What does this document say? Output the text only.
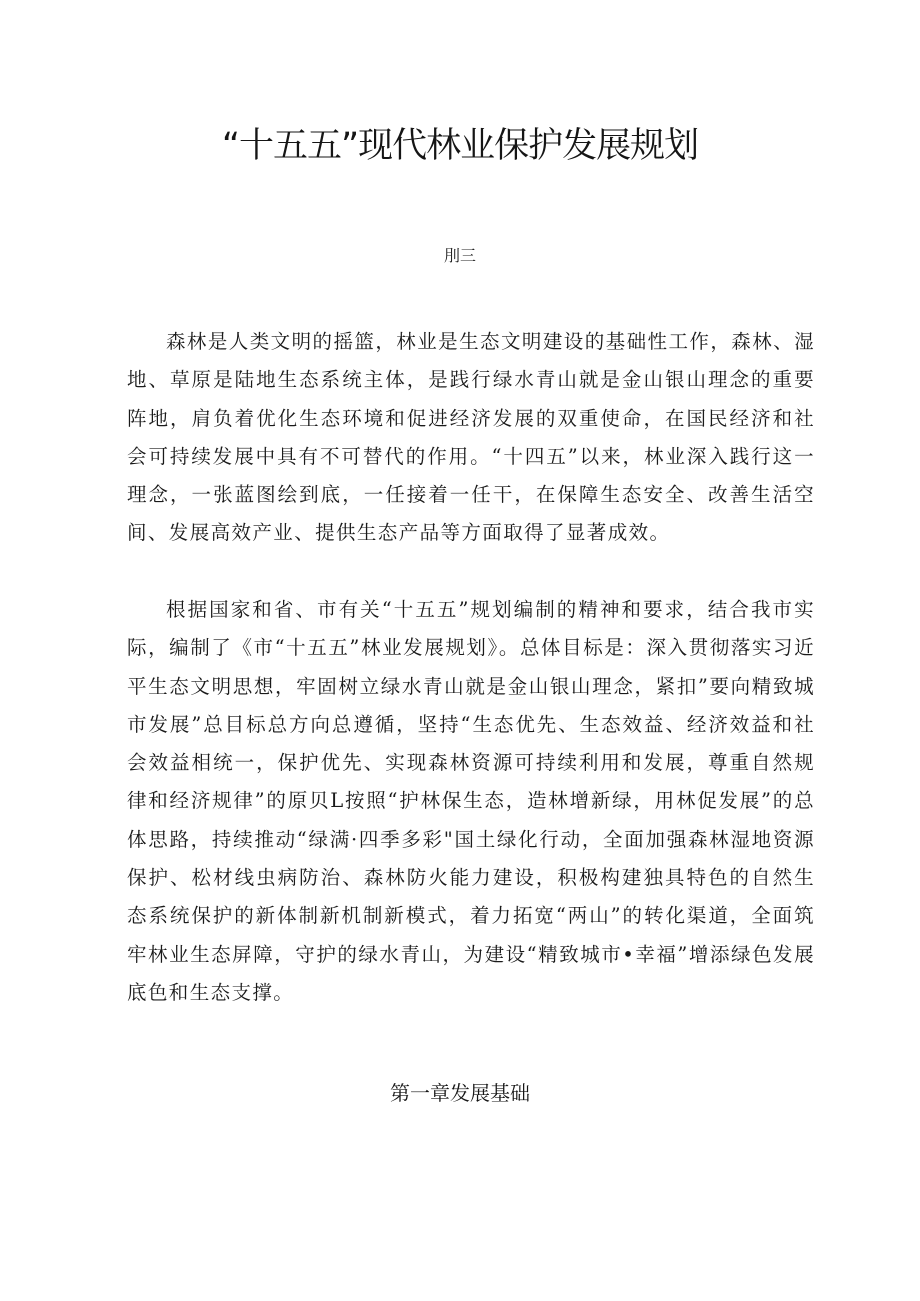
“十五五”现代林业保护发展规划
刖三

森林是人类文明的摇篮，林业是生态文明建设的基础性工作，森林、湿地、草原是陆地生态系统主体，是践行绿水青山就是金山银山理念的重要阵地，肩负着优化生态环境和促进经济发展的双重使命，在国民经济和社会可持续发展中具有不可替代的作用。“十四五”以来，林业深入践行这一理念，一张蓝图绘到底，一任接着一任干，在保障生态安全、改善生活空间、发展高效产业、提供生态产品等方面取得了显著成效。

根据国家和省、市有关“十五五”规划编制的精神和要求，结合我市实际，编制了《市“十五五”林业发展规划》。总体目标是：深入贯彻落实习近平生态文明思想，牢固树立绿水青山就是金山银山理念，紧扣”要向精致城市发展”总目标总方向总遵循，坚持“生态优先、生态效益、经济效益和社会效益相统一，保护优先、实现森林资源可持续利用和发展，尊重自然规律和经济规律”的原贝L按照“护林保生态，造林增新绿，用林促发展”的总体思路，持续推动“绿满·四季多彩"国土绿化行动，全面加强森林湿地资源保护、松材线虫病防治、森林防火能力建设，积极构建独具特色的自然生态系统保护的新体制新机制新模式，着力拓宽“两山”的转化渠道，全面筑牢林业生态屏障，守护的绿水青山，为建设“精致城市•幸福”增添绿色发展底色和生态支撑。

第一章发展基础
